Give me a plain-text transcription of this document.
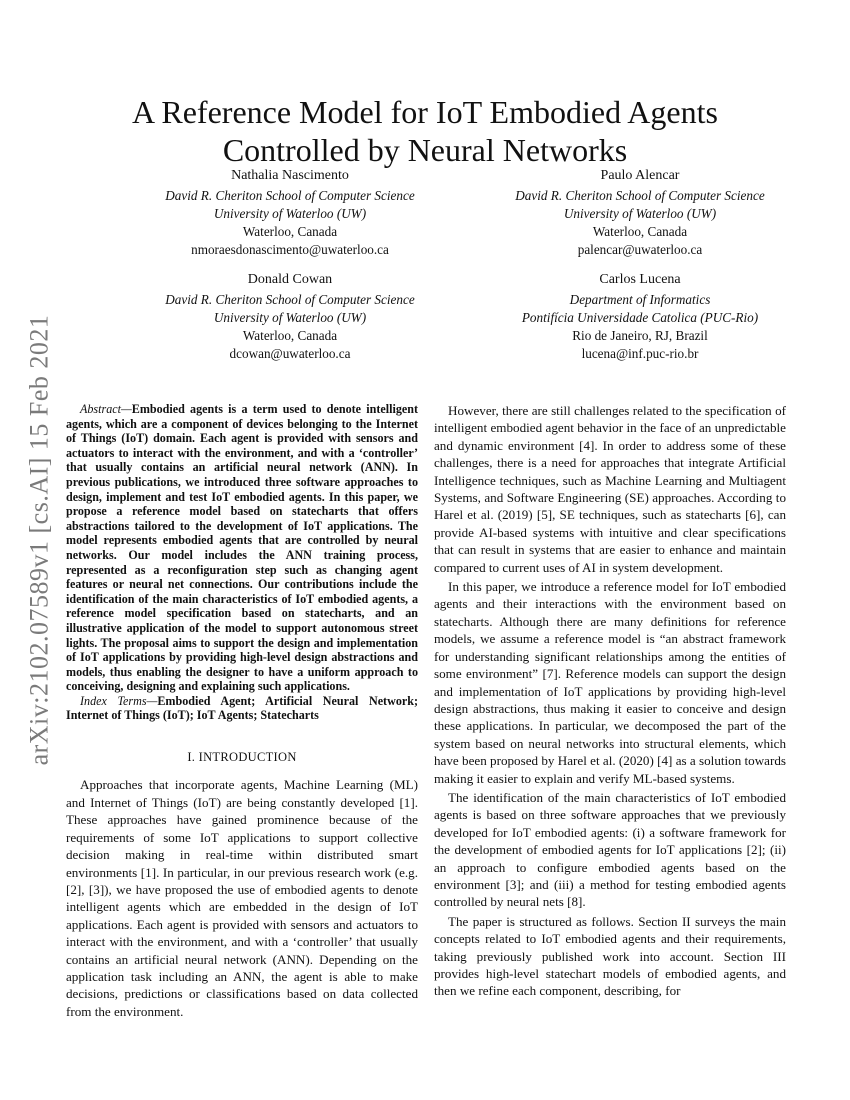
arXiv:2102.07589v1 [cs.AI] 15 Feb 2021
A Reference Model for IoT Embodied Agents Controlled by Neural Networks
Nathalia Nascimento
David R. Cheriton School of Computer Science
University of Waterloo (UW)
Waterloo, Canada
nmoraesdonascimento@uwaterloo.ca
Paulo Alencar
David R. Cheriton School of Computer Science
University of Waterloo (UW)
Waterloo, Canada
palencar@uwaterloo.ca
Donald Cowan
David R. Cheriton School of Computer Science
University of Waterloo (UW)
Waterloo, Canada
dcowan@uwaterloo.ca
Carlos Lucena
Department of Informatics
Pontifícia Universidade Catolica (PUC-Rio)
Rio de Janeiro, RJ, Brazil
lucena@inf.puc-rio.br

Abstract—Embodied agents is a term used to denote intelligent agents, which are a component of devices belonging to the Internet of Things (IoT) domain. Each agent is provided with sensors and actuators to interact with the environment, and with a ‘controller’ that usually contains an artificial neural network (ANN). In previous publications, we introduced three software approaches to design, implement and test IoT embodied agents. In this paper, we propose a reference model based on statecharts that offers abstractions tailored to the development of IoT applications. The model represents embodied agents that are controlled by neural networks. Our model includes the ANN training process, represented as a reconfiguration step such as changing agent features or neural net connections. Our contributions include the identification of the main characteristics of IoT embodied agents, a reference model specification based on statecharts, and an illustrative application of the model to support autonomous street lights. The proposal aims to support the design and implementation of IoT applications by providing high-level design abstractions and models, thus enabling the designer to have a uniform approach to conceiving, designing and explaining such applications.

Index Terms—Embodied Agent; Artificial Neural Network; Internet of Things (IoT); IoT Agents; Statecharts

I. INTRODUCTION

Approaches that incorporate agents, Machine Learning (ML) and Internet of Things (IoT) are being constantly developed [1]. These approaches have gained prominence because of the requirements of some IoT applications to support collective decision making in real-time within distributed smart environments [1]. In particular, in our previous research work (e.g. [2], [3]), we have proposed the use of embodied agents to denote intelligent agents which are embedded in the design of IoT applications. Each agent is provided with sensors and actuators to interact with the environment, and with a ‘controller’ that usually contains an artificial neural network (ANN). Depending on the application task including an ANN, the agent is able to make decisions, predictions or classifications based on data collected from the environment.

However, there are still challenges related to the specification of intelligent embodied agent behavior in the face of an unpredictable and dynamic environment [4]. In order to address some of these challenges, there is a need for approaches that integrate Artificial Intelligence techniques, such as Machine Learning and Multiagent Systems, and Software Engineering (SE) approaches. According to Harel et al. (2019) [5], SE techniques, such as statecharts [6], can provide AI-based systems with intuitive and clear specifications that can result in systems that are easier to enhance and maintain compared to current uses of AI in system development.

In this paper, we introduce a reference model for IoT embodied agents and their interactions with the environment based on statecharts. Although there are many definitions for reference models, we assume a reference model is “an abstract framework for understanding significant relationships among the entities of some environment” [7]. Reference models can support the design and implementation of IoT applications by providing high-level design abstractions, thus making it easier to conceive and design these applications. In particular, we decomposed the part of the system based on neural networks into structural elements, which have been proposed by Harel et al. (2020) [4] as a solution towards making it easier to explain and verify ML-based systems.

The identification of the main characteristics of IoT embodied agents is based on three software approaches that we previously developed for IoT embodied agents: (i) a software framework for the development of embodied agents for IoT applications [2]; (ii) an approach to configure embodied agents based on the environment [3]; and (iii) a method for testing embodied agents controlled by neural nets [8].

The paper is structured as follows. Section II surveys the main concepts related to IoT embodied agents and their requirements, taking previously published work into account. Section III provides high-level statechart models of embodied agents, and then we refine each component, describing, for
